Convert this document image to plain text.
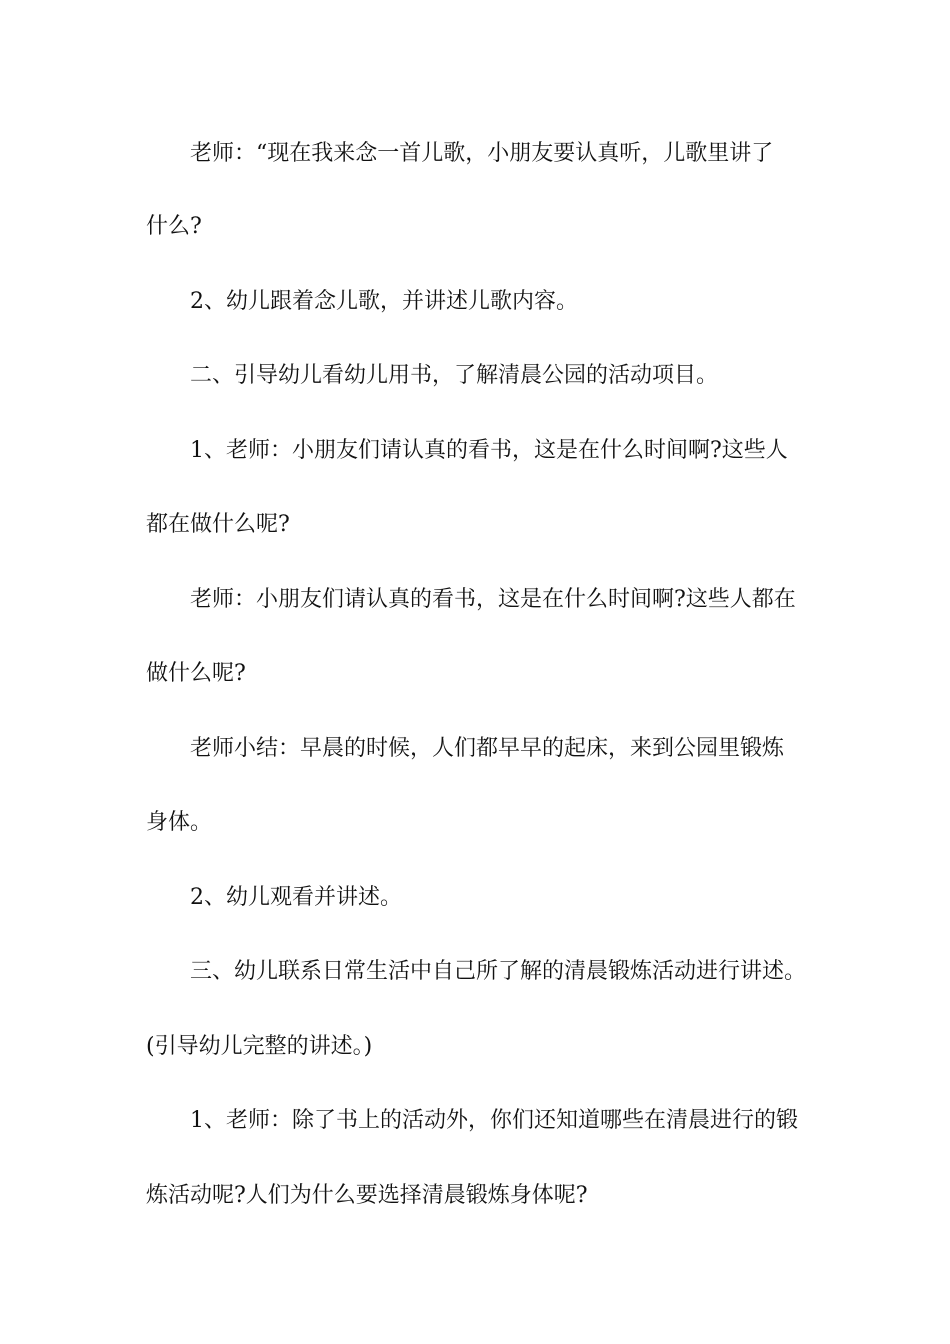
老师：“现在我来念一首儿歌，小朋友要认真听，儿歌里讲了
什么?
2、幼儿跟着念儿歌，并讲述儿歌内容。
二、引导幼儿看幼儿用书，了解清晨公园的活动项目。
1、老师：小朋友们请认真的看书，这是在什么时间啊?这些人
都在做什么呢?
老师：小朋友们请认真的看书，这是在什么时间啊?这些人都在
做什么呢?
老师小结：早晨的时候，人们都早早的起床，来到公园里锻炼
身体。
2、幼儿观看并讲述。
三、幼儿联系日常生活中自己所了解的清晨锻炼活动进行讲述。
(引导幼儿完整的讲述。)
1、老师：除了书上的活动外，你们还知道哪些在清晨进行的锻
炼活动呢?人们为什么要选择清晨锻炼身体呢?
